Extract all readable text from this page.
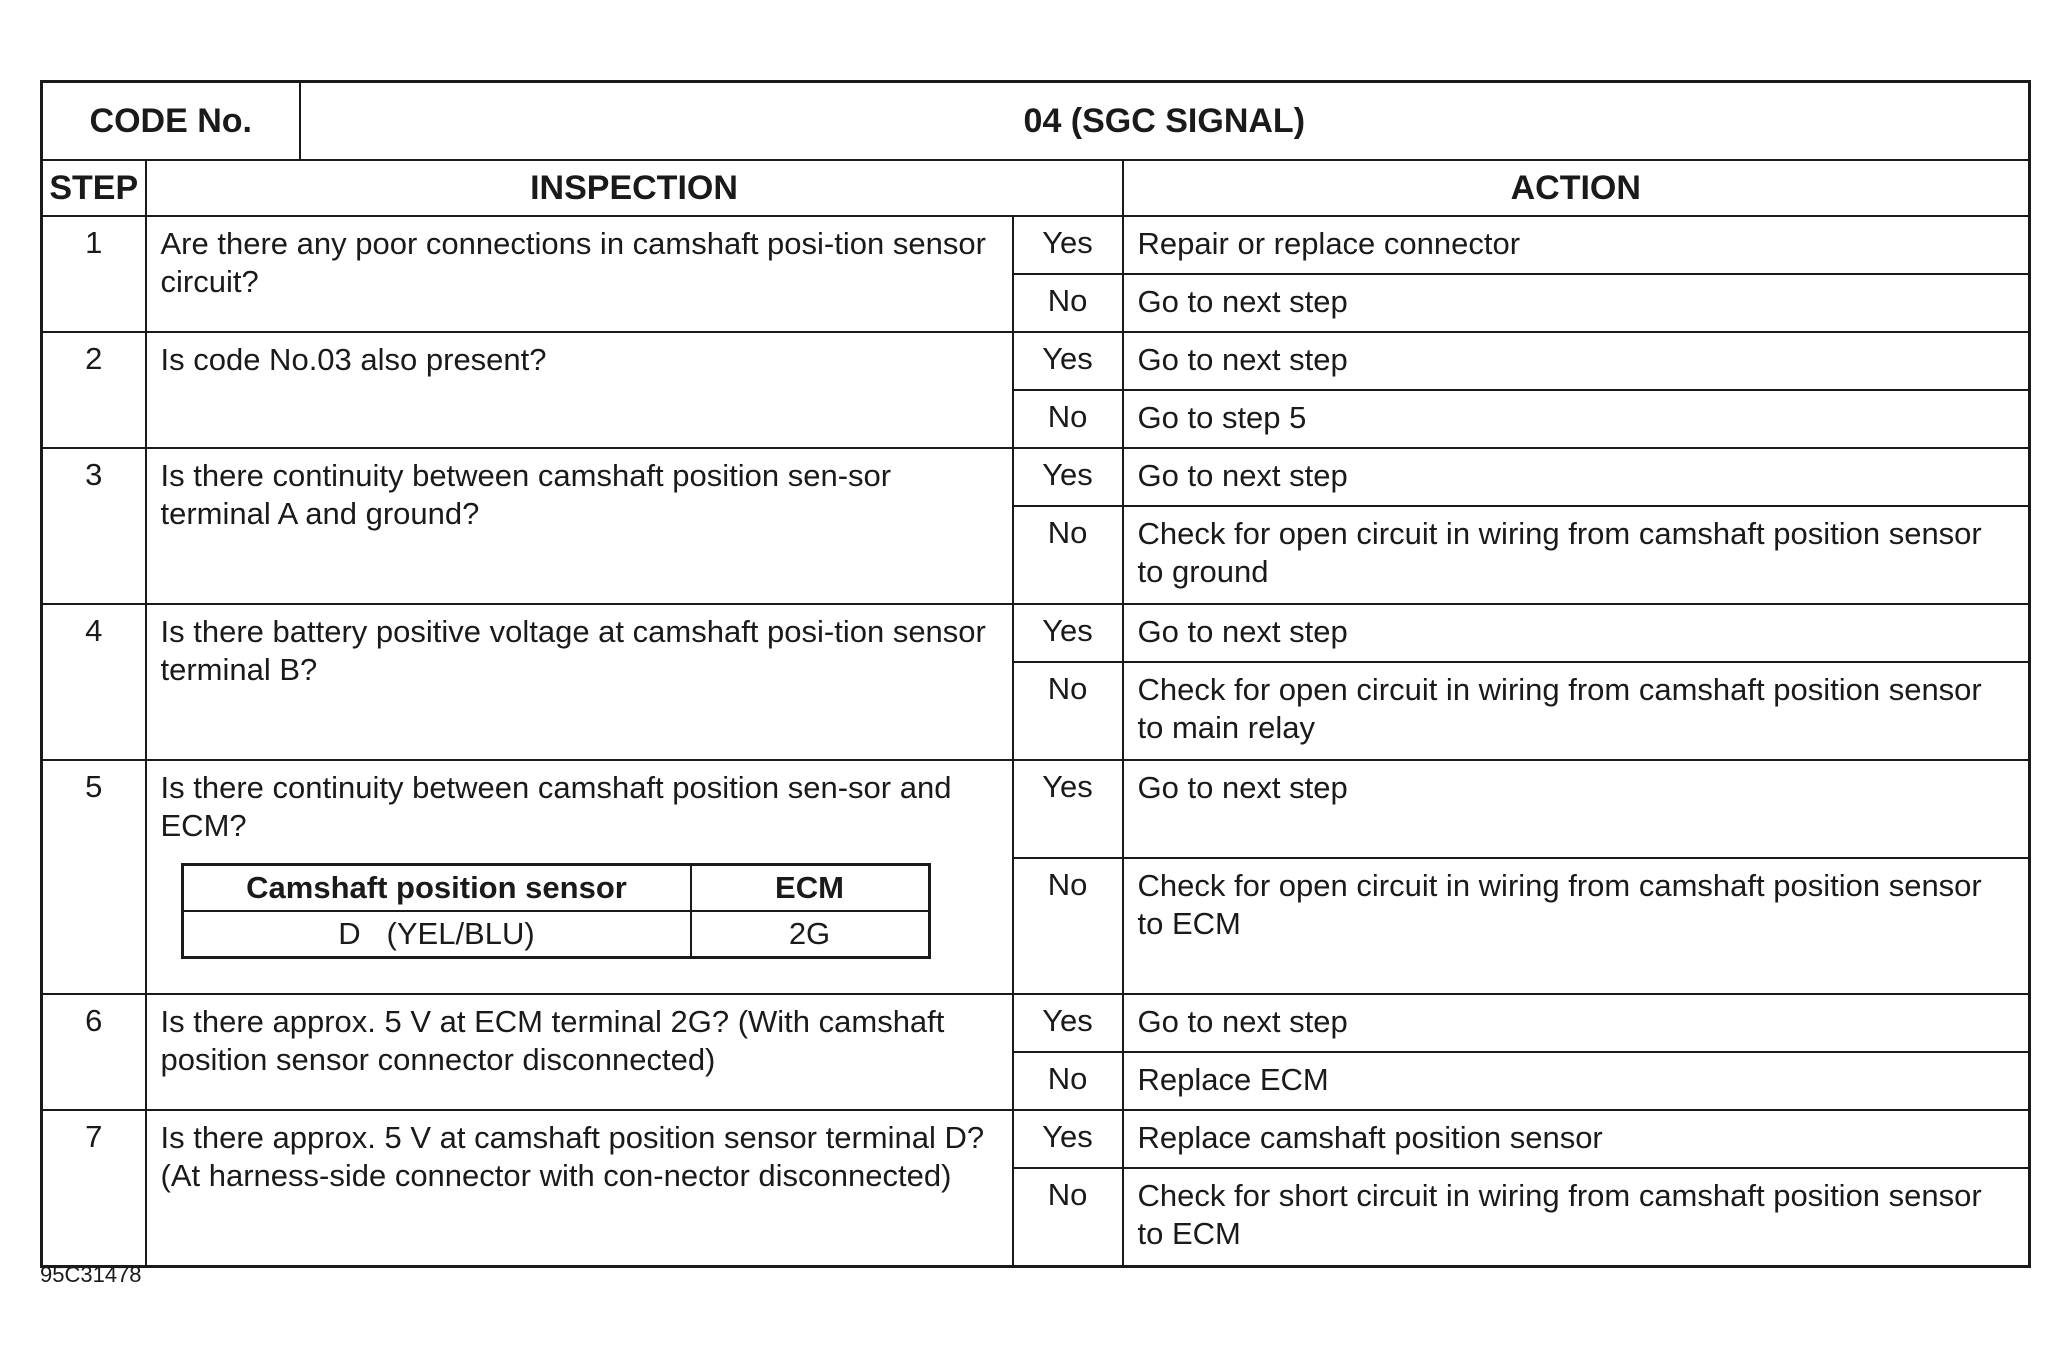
CODE No.	04 (SGC SIGNAL)
STEP	INSPECTION	ACTION
1	Are there any poor connections in camshaft posi-tion sensor circuit?	Yes	Repair or replace connector
No	Go to next step
2	Is code No.03 also present?	Yes	Go to next step
No	Go to step 5
3	Is there continuity between camshaft position sen-sor terminal A and ground?	Yes	Go to next step
No	Check for open circuit in wiring from camshaft position sensor to ground
4	Is there battery positive voltage at camshaft posi-tion sensor terminal B?	Yes	Go to next step
No	Check for open circuit in wiring from camshaft position sensor to main relay
5	Is there continuity between camshaft position sen-sor and ECM?
Camshaft position sensor	ECM
D   (YEL/BLU)	2G
	Yes	Go to next step
No	Check for open circuit in wiring from camshaft position sensor to ECM
6	Is there approx. 5 V at ECM terminal 2G? (With camshaft position sensor connector disconnected)	Yes	Go to next step
No	Replace ECM
7	Is there approx. 5 V at camshaft position sensor terminal D? (At harness-side connector with con-nector disconnected)	Yes	Replace camshaft position sensor
No	Check for short circuit in wiring from camshaft position sensor to ECM
95C31478
